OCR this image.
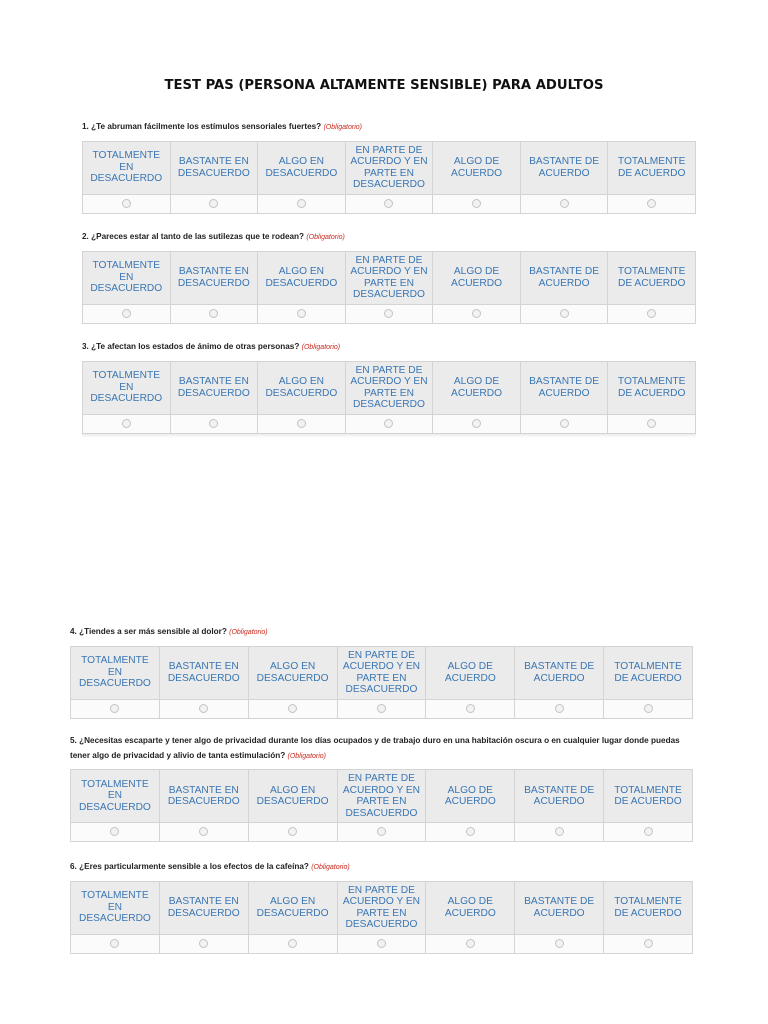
TEST PAS (PERSONA ALTAMENTE SENSIBLE) PARA ADULTOS
1. ¿Te abruman fácilmente los estímulos sensoriales fuertes? (Obligatorio)
TOTALMENTE EN DESACUERDO	BASTANTE EN DESACUERDO	ALGO EN DESACUERDO	EN PARTE DE ACUERDO Y EN PARTE EN DESACUERDO	ALGO DE ACUERDO	BASTANTE DE ACUERDO	TOTALMENTE DE ACUERDO

2. ¿Pareces estar al tanto de las sutilezas que te rodean? (Obligatorio)
TOTALMENTE EN DESACUERDO	BASTANTE EN DESACUERDO	ALGO EN DESACUERDO	EN PARTE DE ACUERDO Y EN PARTE EN DESACUERDO	ALGO DE ACUERDO	BASTANTE DE ACUERDO	TOTALMENTE DE ACUERDO

3. ¿Te afectan los estados de ánimo de otras personas? (Obligatorio)
TOTALMENTE EN DESACUERDO	BASTANTE EN DESACUERDO	ALGO EN DESACUERDO	EN PARTE DE ACUERDO Y EN PARTE EN DESACUERDO	ALGO DE ACUERDO	BASTANTE DE ACUERDO	TOTALMENTE DE ACUERDO

4. ¿Tiendes a ser más sensible al dolor? (Obligatorio)
TOTALMENTE EN DESACUERDO	BASTANTE EN DESACUERDO	ALGO EN DESACUERDO	EN PARTE DE ACUERDO Y EN PARTE EN DESACUERDO	ALGO DE ACUERDO	BASTANTE DE ACUERDO	TOTALMENTE DE ACUERDO

5. ¿Necesitas escaparte y tener algo de privacidad durante los días ocupados y de trabajo duro en una habitación oscura o en cualquier lugar donde puedas tener algo de privacidad y alivio de tanta estimulación? (Obligatorio)
TOTALMENTE EN DESACUERDO	BASTANTE EN DESACUERDO	ALGO EN DESACUERDO	EN PARTE DE ACUERDO Y EN PARTE EN DESACUERDO	ALGO DE ACUERDO	BASTANTE DE ACUERDO	TOTALMENTE DE ACUERDO

6. ¿Eres particularmente sensible a los efectos de la cafeína? (Obligatorio)
TOTALMENTE EN DESACUERDO	BASTANTE EN DESACUERDO	ALGO EN DESACUERDO	EN PARTE DE ACUERDO Y EN PARTE EN DESACUERDO	ALGO DE ACUERDO	BASTANTE DE ACUERDO	TOTALMENTE DE ACUERDO
